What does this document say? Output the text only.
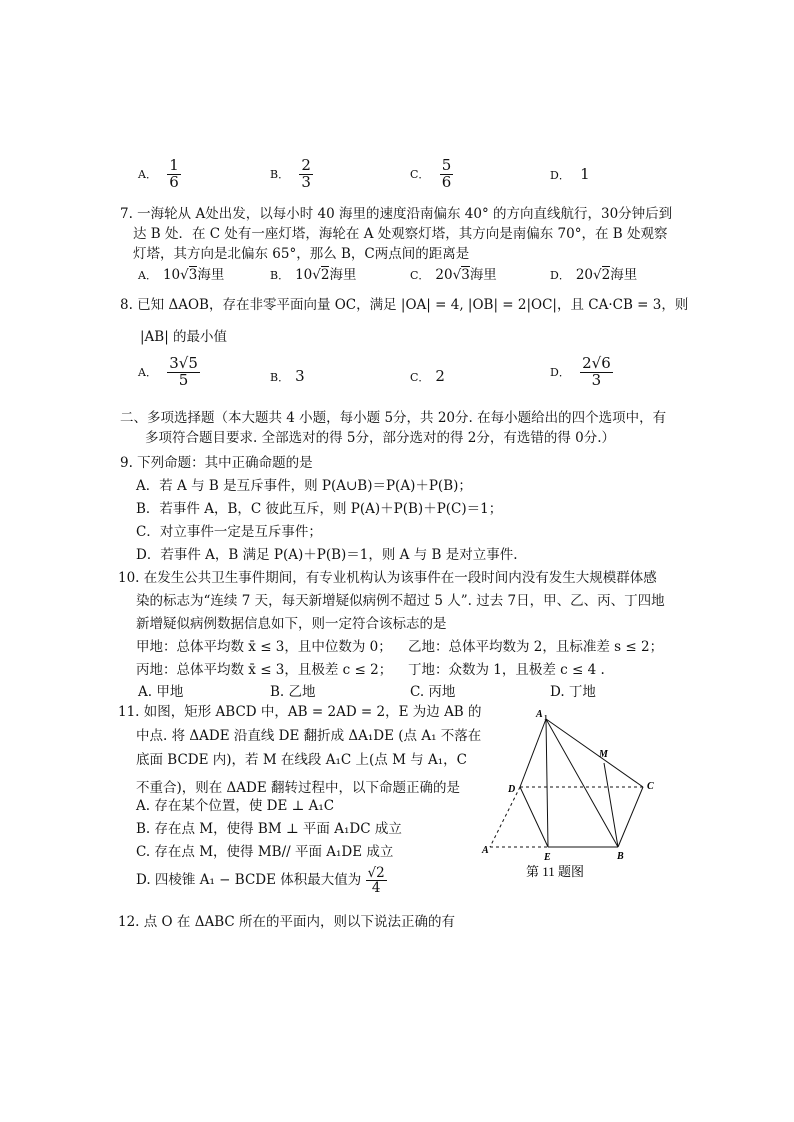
A． $\frac{1}{6}$	B． $\frac{2}{3}$	C． $\frac{5}{6}$	D． 1
7. 一海轮从 A处出发，以每小时 40 海里的速度沿南偏东 40° 的方向直线航行，30分钟后到
达 B 处．在 C 处有一座灯塔，海轮在 A 处观察灯塔，其方向是南偏东 70°，在 B 处观察
灯塔，其方向是北偏东 65°，那么 B，C两点间的距离是
A． 10√3海里	B． 10√2海里	C． 20√3海里	D． 20√2海里
8. 已知 ΔAOB，存在非零平面向量 OC，满足 |OA| = 4, |OB| = 2|OC|，且 CA·CB = 3，则
|AB| 的最小值
A． $\frac{3√5}{5}$	B． 3	C． 2	D． $\frac{2√6}{3}$
二、多项选择题（本大题共 4 小题，每小题 5分，共 20分. 在每小题给出的四个选项中，有
多项符合题目要求. 全部选对的得 5分，部分选对的得 2分，有选错的得 0分.）
9. 下列命题：其中正确命题的是
A．若 A 与 B 是互斥事件，则 P(A∪B)＝P(A)＋P(B)；
B．若事件 A，B，C 彼此互斥，则 P(A)＋P(B)＋P(C)＝1；
C．对立事件一定是互斥事件；
D．若事件 A，B 满足 P(A)＋P(B)＝1，则 A 与 B 是对立事件.
10. 在发生公共卫生事件期间，有专业机构认为该事件在一段时间内没有发生大规模群体感
染的标志为“连续 7 天，每天新增疑似病例不超过 5 人”. 过去 7日，甲、乙、丙、丁四地
新增疑似病例数据信息如下，则一定符合该标志的是
甲地：总体平均数 x̄ ≤ 3，且中位数为 0； 乙地：总体平均数为 2，且标准差 s ≤ 2；
丙地：总体平均数 x̄ ≤ 3，且极差 c ≤ 2； 丁地：众数为 1，且极差 c ≤ 4 .
A. 甲地	B. 乙地	C. 丙地	D. 丁地
11. 如图，矩形 ABCD 中，AB = 2AD = 2，E 为边 AB 的
中点. 将 ΔADE 沿直线 DE 翻折成 ΔA₁DE (点 A₁ 不落在
底面 BCDE 内)，若 M 在线段 A₁C 上(点 M 与 A₁，C
不重合)，则在 ΔADE 翻转过程中，以下命题正确的是
A. 存在某个位置，使 DE ⊥ A₁C
B. 存在点 M，使得 BM ⊥ 平面 A₁DC 成立
C. 存在点 M，使得 MB// 平面 A₁DE 成立
D. 四棱锥 A₁ − BCDE 体积最大值为 $\frac{√2}{4}$
A 1
M
D	C
A
E	B
第 11 题图
12. 点 O 在 ΔABC 所在的平面内，则以下说法正确的有
